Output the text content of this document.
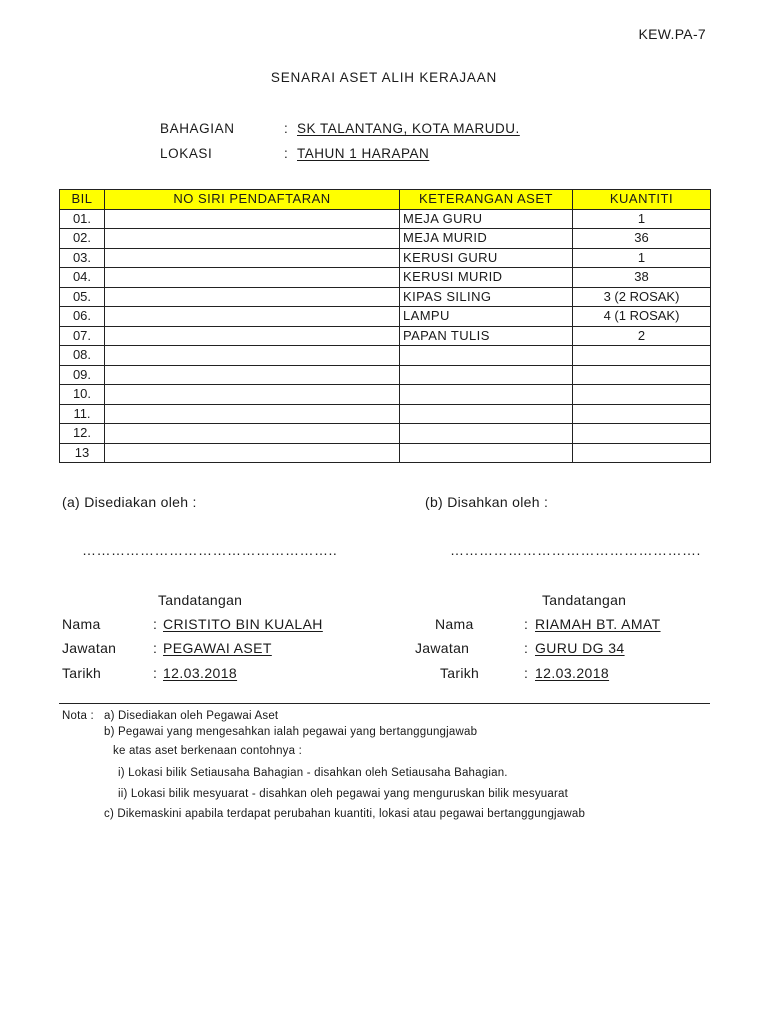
KEW.PA-7
SENARAI ASET ALIH KERAJAAN
BAHAGIAN	: SK TALANTANG, KOTA MARUDU.
LOKASI	: TAHUN 1 HARAPAN
BIL	NO SIRI PENDAFTARAN	KETERANGAN ASET	KUANTITI
01.		MEJA GURU	1
02.		MEJA MURID	36
03.		KERUSI GURU	1
04.		KERUSI MURID	38
05.		KIPAS SILING	3 (2 ROSAK)
06.		LAMPU	4 (1 ROSAK)
07.		PAPAN TULIS	2
08.			
09.			
10.			
11.			
12.			
13			
(a) Disediakan oleh :
……………………………………………..
Tandatangan
Nama	: CRISTITO BIN KUALAH
Jawatan	: PEGAWAI ASET
Tarikh	: 12.03.2018
(b) Disahkan oleh :
…………………………………………….
Tandatangan
Nama	: RIAMAH BT. AMAT
Jawatan	: GURU DG 34
Tarikh	: 12.03.2018
Nota : a) Disediakan oleh Pegawai Aset
b) Pegawai yang mengesahkan ialah pegawai yang bertanggungjawab
ke atas aset berkenaan contohnya :
i) Lokasi bilik Setiausaha Bahagian - disahkan oleh Setiausaha Bahagian.
ii) Lokasi bilik mesyuarat - disahkan oleh pegawai yang menguruskan bilik mesyuarat
c) Dikemaskini apabila terdapat perubahan kuantiti, lokasi atau pegawai bertanggungjawab
